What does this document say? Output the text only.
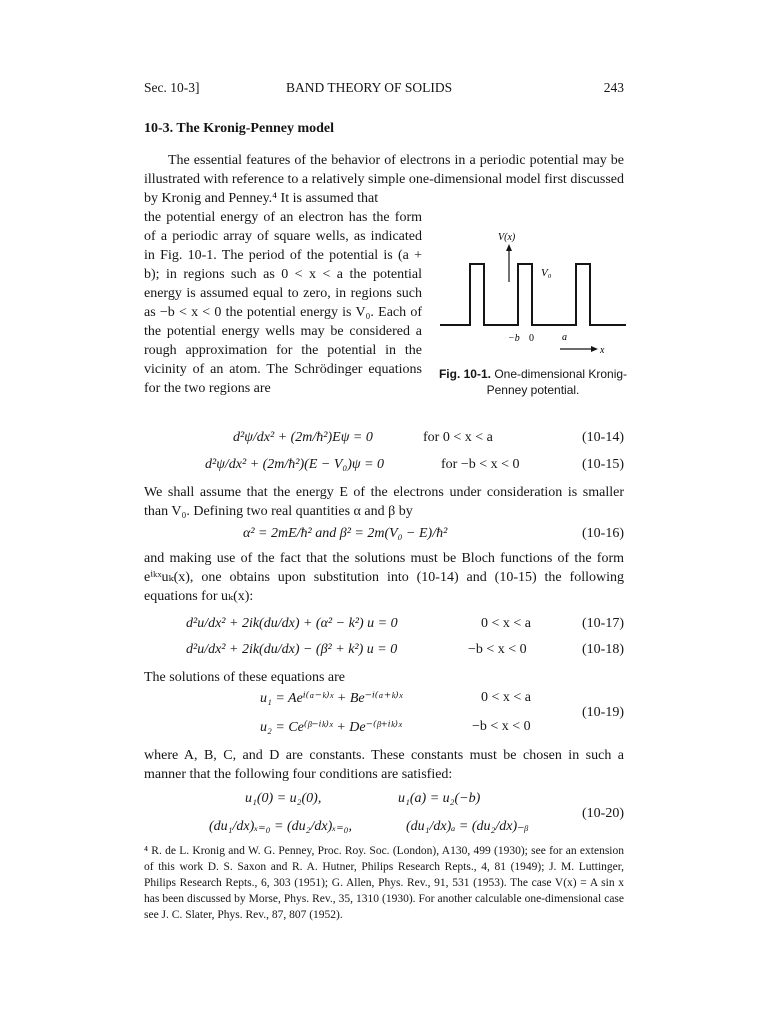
Sec. 10-3]	BAND THEORY OF SOLIDS	243
10-3. The Kronig-Penney model

The essential features of the behavior of electrons in a periodic potential may be illustrated with reference to a relatively simple one-dimensional model first discussed by Kronig and Penney.⁴ It is assumed that

the potential energy of an electron has the form of a periodic array of square wells, as indicated in Fig. 10-1. The period of the potential is (a + b); in regions such as 0 < x < a the potential energy is assumed equal to zero, in regions such as −b < x < 0 the potential energy is V₀. Each of the potential energy wells may be considered a rough approximation for the potential in the vicinity of an atom. The Schrödinger equations for the two regions are

V(x)
V₀
−b 0	a
x
Fig. 10-1. One-dimensional Kronig-Penney potential.
d²ψ/dx² + (2m/ħ²)Eψ = 0	for 0 < x < a	(10-14)
d²ψ/dx² + (2m/ħ²)(E − V₀)ψ = 0	for −b < x < 0	(10-15)

We shall assume that the energy E of the electrons under consideration is smaller than V₀. Defining two real quantities α and β by

α² = 2mE/ħ² and β² = 2m(V₀ − E)/ħ²	(10-16)

and making use of the fact that the solutions must be Bloch functions of the form eⁱᵏˣuₖ(x), one obtains upon substitution into (10-14) and (10-15) the following equations for uₖ(x):

d²u/dx² + 2ik(du/dx) + (α² − k²) u = 0	0 < x < a	(10-17)
d²u/dx² + 2ik(du/dx) − (β² + k²) u = 0	−b < x < 0	(10-18)

The solutions of these equations are

u₁ = Aeⁱ⁽ᵅ⁻ᵏ⁾ˣ + Be⁻ⁱ⁽ᵅ⁺ᵏ⁾ˣ	0 < x < a
u₂ = Ce⁽ᵝ⁻ⁱᵏ⁾ˣ + De⁻⁽ᵝ⁺ⁱᵏ⁾ˣ	−b < x < 0
(10-19)

where A, B, C, and D are constants. These constants must be chosen in such a manner that the following four conditions are satisfied:

u₁(0) = u₂(0),	u₁(a) = u₂(−b)
(10-20)

(du₁/dx)ₓ₌₀ = (du₂/dx)ₓ₌₀,	(du₁/dx)ₐ = (du₂/dx)₋ᵦ
⁴ R. de L. Kronig and W. G. Penney, Proc. Roy. Soc. (London), A130, 499 (1930); see for an extension of this work D. S. Saxon and R. A. Hutner, Philips Research Repts., 4, 81 (1949); J. M. Luttinger, Philips Research Repts., 6, 303 (1951); G. Allen, Phys. Rev., 91, 531 (1953). The case V(x) = A sin x has been discussed by Morse, Phys. Rev., 35, 1310 (1930). For another calculable one-dimensional case see J. C. Slater, Phys. Rev., 87, 807 (1952).
